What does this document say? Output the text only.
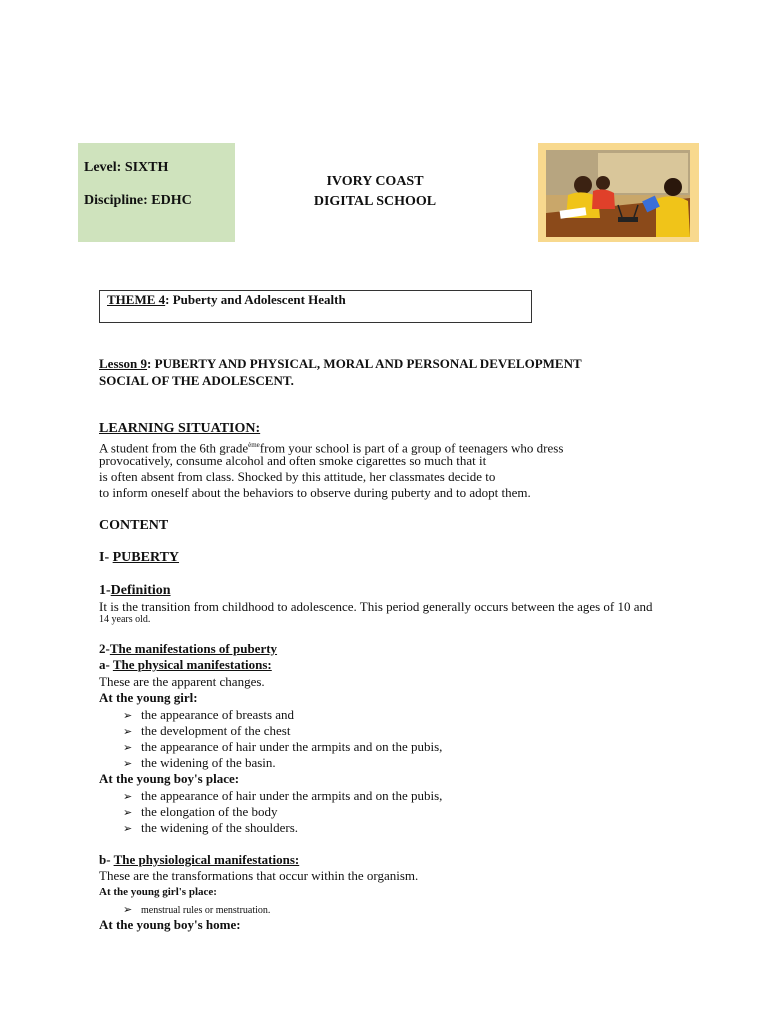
Level: SIXTH
Discipline: EDHC
IVORY COAST
DIGITAL SCHOOL
THEME 4: Puberty and Adolescent Health
Lesson 9: PUBERTY AND PHYSICAL, MORAL AND PERSONAL DEVELOPMENT
SOCIAL OF THE ADOLESCENT.
LEARNING SITUATION:
A student from the 6th grade$^{ème}$from your school is part of a group of teenagers who dress
provocatively, consume alcohol and often smoke cigarettes so much that it
is often absent from class. Shocked by this attitude, her classmates decide to
to inform oneself about the behaviors to observe during puberty and to adopt them.
CONTENT
I- PUBERTY
1-Definition
It is the transition from childhood to adolescence. This period generally occurs between the ages of 10 and
14 years old.
2-The manifestations of puberty
a- The physical manifestations:
These are the apparent changes.
At the young girl:
➢ the appearance of breasts and
➢ the development of the chest
➢ the appearance of hair under the armpits and on the pubis,
➢ the widening of the basin.
At the young boy's place:
➢ the appearance of hair under the armpits and on the pubis,
➢ the elongation of the body
➢ the widening of the shoulders.
b- The physiological manifestations:
These are the transformations that occur within the organism.
At the young girl's place:
➢ menstrual rules or menstruation.
At the young boy's home:
